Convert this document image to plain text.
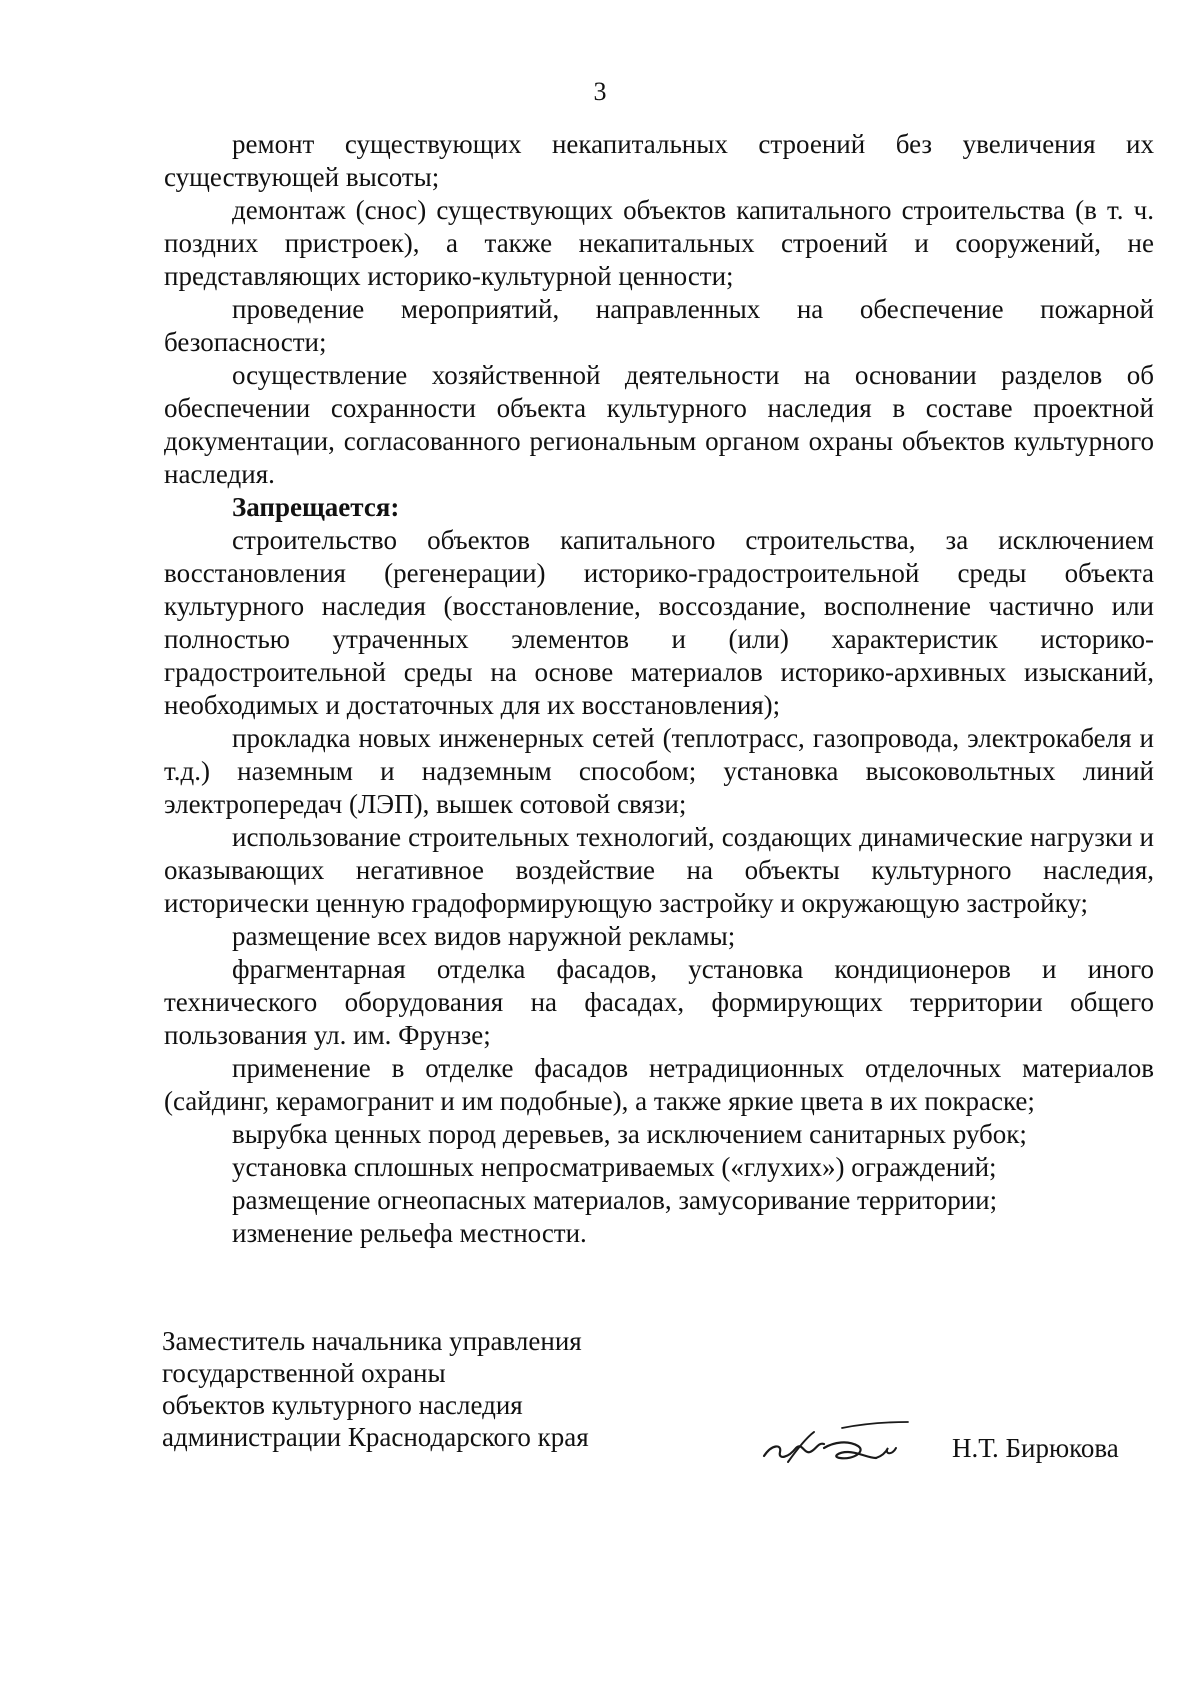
3

ремонт существующих некапитальных строений без увеличения их существующей высоты;

демонтаж (снос) существующих объектов капитального строительства (в т. ч. поздних пристроек), а также некапитальных строений и сооружений, не представляющих историко-культурной ценности;

проведение мероприятий, направленных на обеспечение пожарной безопасности;

осуществление хозяйственной деятельности на основании разделов об обеспечении сохранности объекта культурного наследия в составе проектной документации, согласованного региональным органом охраны объектов культурного наследия.

Запрещается:

строительство объектов капитального строительства, за исключением восстановления (регенерации) историко-градостроительной среды объекта культурного наследия (восстановление, воссоздание, восполнение частично или полностью утраченных элементов и (или) характеристик историко-градостроительной среды на основе материалов историко-архивных изысканий, необходимых и достаточных для их восстановления);

прокладка новых инженерных сетей (теплотрасс, газопровода, электрокабеля и т.д.) наземным и надземным способом; установка высоковольтных линий электропередач (ЛЭП), вышек сотовой связи;

использование строительных технологий, создающих динамические нагрузки и оказывающих негативное воздействие на объекты культурного наследия, исторически ценную градоформирующую застройку и окружающую застройку;

размещение всех видов наружной рекламы;

фрагментарная отделка фасадов, установка кондиционеров и иного технического оборудования на фасадах, формирующих территории общего пользования ул. им. Фрунзе;

применение в отделке фасадов нетрадиционных отделочных материалов (сайдинг, керамогранит и им подобные), а также яркие цвета в их покраске;

вырубка ценных пород деревьев, за исключением санитарных рубок;

установка сплошных непросматриваемых («глухих») ограждений;

размещение огнеопасных материалов, замусоривание территории;

изменение рельефа местности.

Заместитель начальника управления
государственной охраны
объектов культурного наследия
администрации Краснодарского края	Н.Т. Бирюкова
